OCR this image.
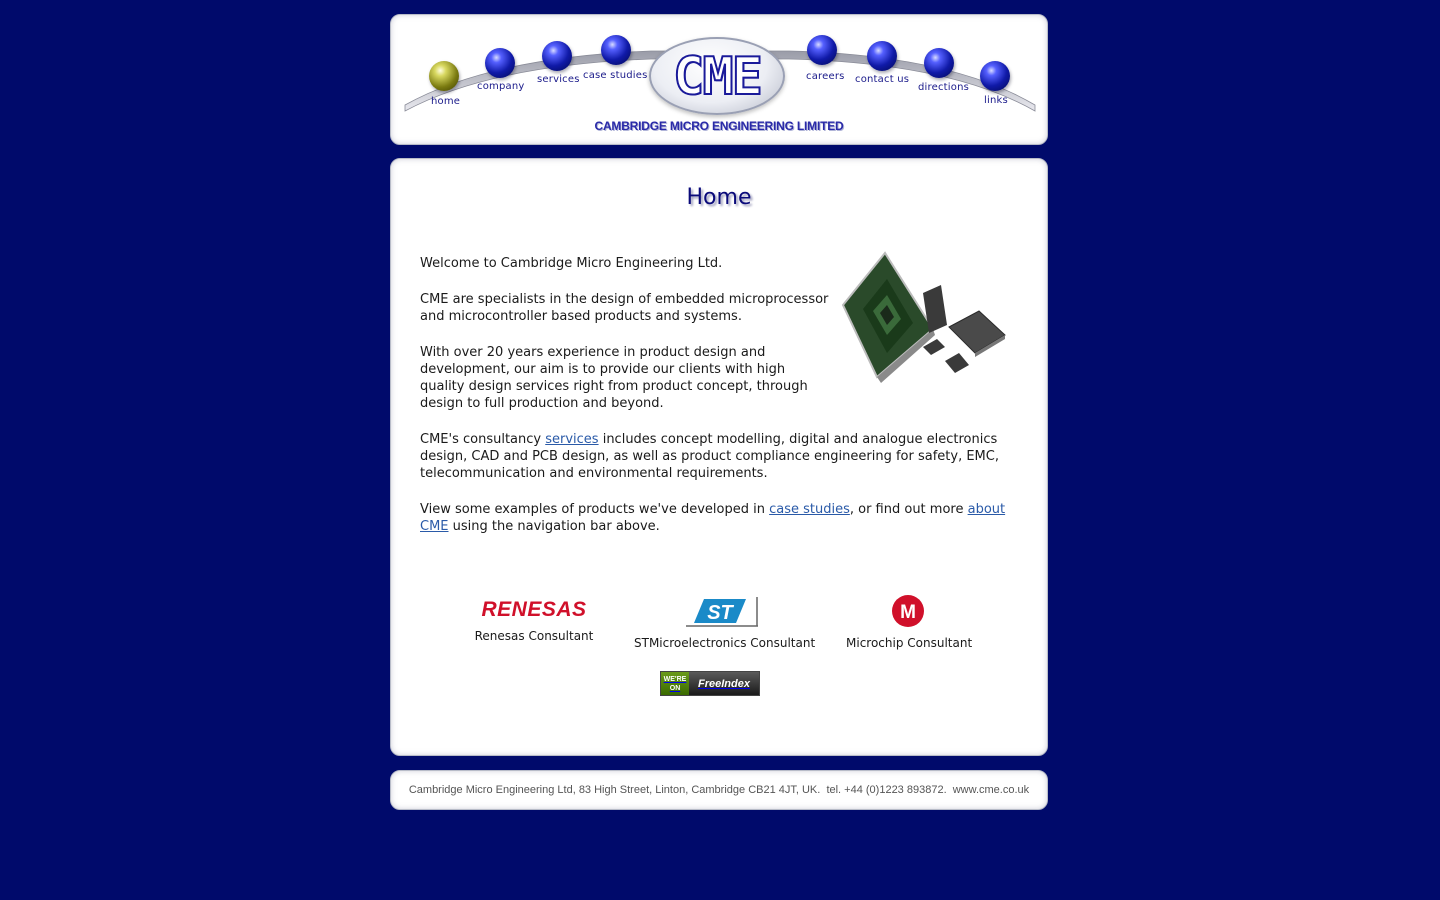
home
company
services case studies CME	careers contact us
directions
links
CAMBRIDGE MICRO ENGINEERING LIMITED
Home

Welcome to Cambridge Micro Engineering Ltd.

CME are specialists in the design of embedded microprocessor and microcontroller based products and systems.

With over 20 years experience in product design and development, our aim is to provide our clients with high quality design services right from product concept, through design to full production and beyond.

CME's consultancy services includes concept modelling, digital and analogue electronics design, CAD and PCB design, as well as product compliance engineering for safety, EMC, telecommunication and environmental requirements.

View some examples of products we've developed in case studies, or find out more about CME using the navigation bar above.

RENESAS
Renesas Consultant
ST
STMicroelectronics Consultant
M
Microchip Consultant
WE'RE ON	FreeIndex
Cambridge Micro Engineering Ltd, 83 High Street, Linton, Cambridge CB21 4JT, UK.  tel. +44 (0)1223 893872.  www.cme.co.uk
